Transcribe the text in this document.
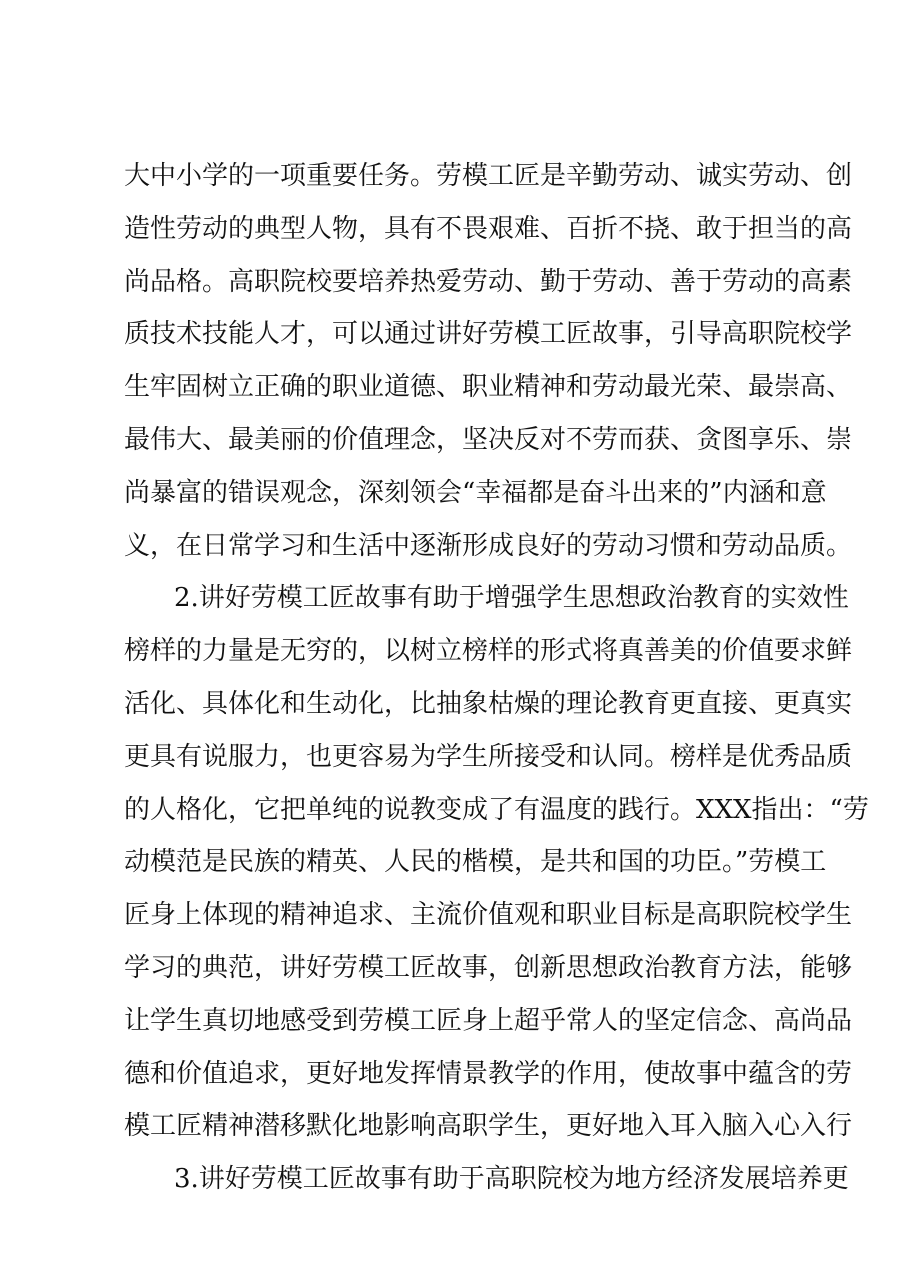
大中小学的一项重要任务。劳模工匠是辛勤劳动、诚实劳动、创
造性劳动的典型人物，具有不畏艰难、百折不挠、敢于担当的高
尚品格。高职院校要培养热爱劳动、勤于劳动、善于劳动的高素
质技术技能人才，可以通过讲好劳模工匠故事，引导高职院校学
生牢固树立正确的职业道德、职业精神和劳动最光荣、最崇高、
最伟大、最美丽的价值理念，坚决反对不劳而获、贪图享乐、崇
尚暴富的错误观念，深刻领会“幸福都是奋斗出来的”内涵和意
义，在日常学习和生活中逐渐形成良好的劳动习惯和劳动品质。
2.讲好劳模工匠故事有助于增强学生思想政治教育的实效性
榜样的力量是无穷的，以树立榜样的形式将真善美的价值要求鲜
活化、具体化和生动化，比抽象枯燥的理论教育更直接、更真实
更具有说服力，也更容易为学生所接受和认同。榜样是优秀品质
的人格化，它把单纯的说教变成了有温度的践行。XXX指出：“劳
动模范是民族的精英、人民的楷模，是共和国的功臣。”劳模工
匠身上体现的精神追求、主流价值观和职业目标是高职院校学生
学习的典范，讲好劳模工匠故事，创新思想政治教育方法，能够
让学生真切地感受到劳模工匠身上超乎常人的坚定信念、高尚品
德和价值追求，更好地发挥情景教学的作用，使故事中蕴含的劳
模工匠精神潜移默化地影响高职学生，更好地入耳入脑入心入行
3.讲好劳模工匠故事有助于高职院校为地方经济发展培养更
